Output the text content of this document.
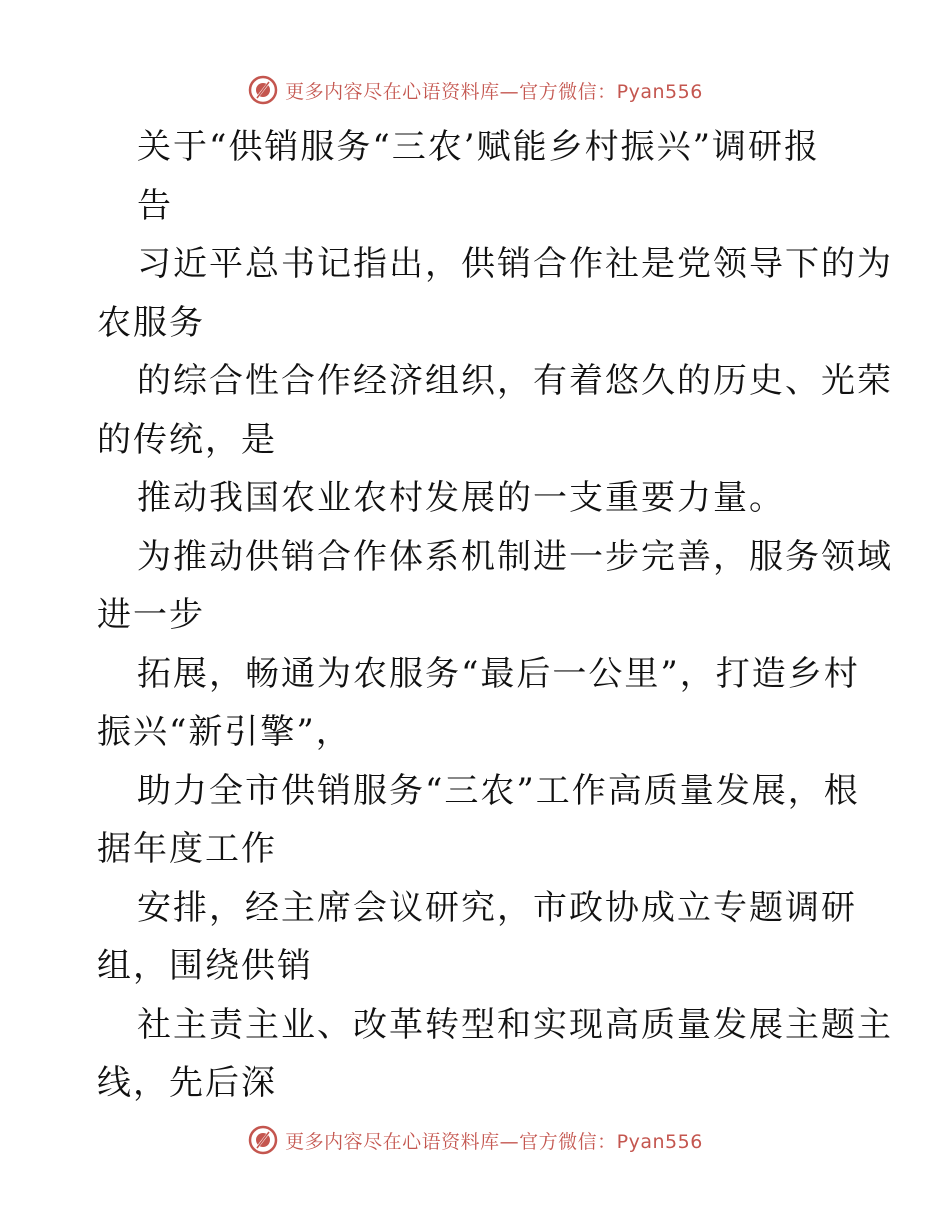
更多内容尽在心语资料库—官方微信：Pyan556
关于“供销服务“三农’赋能乡村振兴”调研报
告
习近平总书记指出，供销合作社是党领导下的为
农服务
的综合性合作经济组织，有着悠久的历史、光荣
的传统，是
推动我国农业农村发展的一支重要力量。
为推动供销合作体系机制进一步完善，服务领域
进一步
拓展，畅通为农服务“最后一公里”，打造乡村
振兴“新引擎”，
助力全市供销服务“三农”工作高质量发展，根
据年度工作
安排，经主席会议研究，市政协成立专题调研
组，围绕供销
社主责主业、改革转型和实现高质量发展主题主
线，先后深
更多内容尽在心语资料库—官方微信：Pyan556
